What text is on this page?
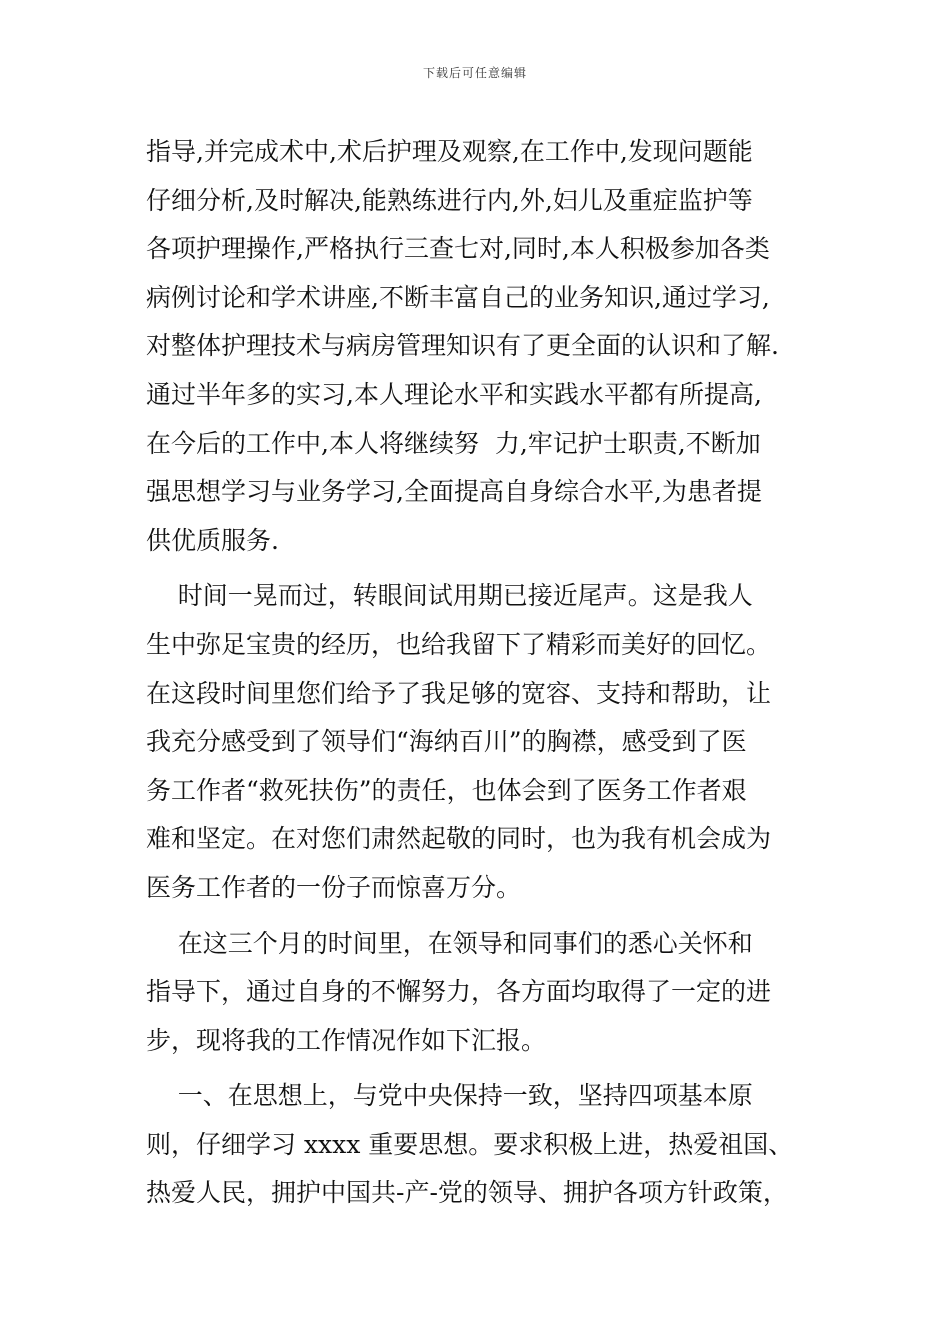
下载后可任意编辑
指导,并完成术中,术后护理及观察,在工作中,发现问题能
仔细分析,及时解决,能熟练进行内,外,妇儿及重症监护等
各项护理操作,严格执行三查七对,同时,本人积极参加各类
病例讨论和学术讲座,不断丰富自己的业务知识,通过学习,
对整体护理技术与病房管理知识有了更全面的认识和了解.
通过半年多的实习,本人理论水平和实践水平都有所提高,
在今后的工作中,本人将继续努  力,牢记护士职责,不断加
强思想学习与业务学习,全面提高自身综合水平,为患者提
供优质服务.
时间一晃而过，转眼间试用期已接近尾声。这是我人
生中弥足宝贵的经历，也给我留下了精彩而美好的回忆。
在这段时间里您们给予了我足够的宽容、支持和帮助，让
我充分感受到了领导们“海纳百川”的胸襟，感受到了医
务工作者“救死扶伤”的责任，也体会到了医务工作者艰
难和坚定。在对您们肃然起敬的同时，也为我有机会成为
医务工作者的一份子而惊喜万分。
在这三个月的时间里，在领导和同事们的悉心关怀和
指导下，通过自身的不懈努力，各方面均取得了一定的进
步，现将我的工作情况作如下汇报。
一、在思想上，与党中央保持一致，坚持四项基本原
则，仔细学习 xxxx 重要思想。要求积极上进，热爱祖国、
热爱人民，拥护中国共-产-党的领导、拥护各项方针政策，
